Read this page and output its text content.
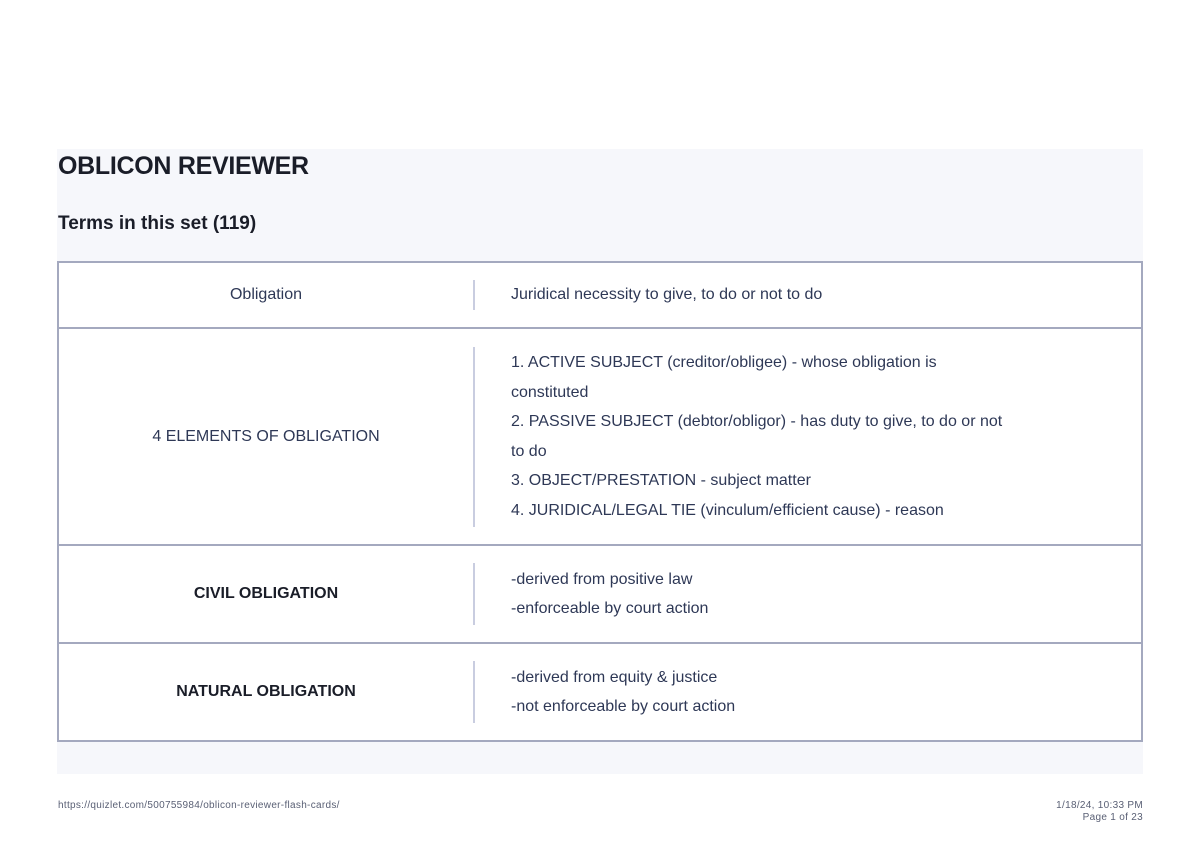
OBLICON REVIEWER
Terms in this set (119)
Obligation	Juridical necessity to give, to do or not to do
4 ELEMENTS OF OBLIGATION
1. ACTIVE SUBJECT (creditor/obligee) - whose obligation is
constituted
2. PASSIVE SUBJECT (debtor/obligor) - has duty to give, to do or not
to do
3. OBJECT/PRESTATION - subject matter
4. JURIDICAL/LEGAL TIE (vinculum/efficient cause) - reason
CIVIL OBLIGATION
-derived from positive law
-enforceable by court action
NATURAL OBLIGATION
-derived from equity & justice
-not enforceable by court action
https://quizlet.com/500755984/oblicon-reviewer-flash-cards/	1/18/24, 10:33 PM
Page 1 of 23
